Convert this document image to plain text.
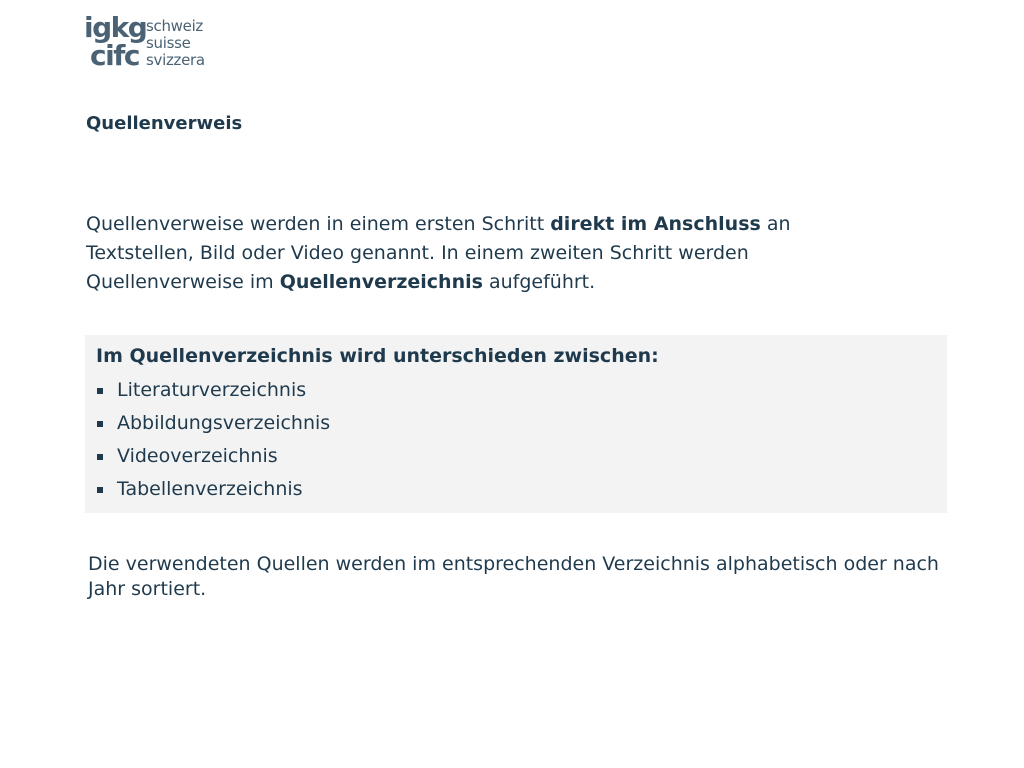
igkg
cifc
schweiz
suisse
svizzera
Quellenverweis
Quellenverweise werden in einem ersten Schritt direkt im Anschluss an Textstellen, Bild oder Video genannt. In einem zweiten Schritt werden Quellenverweise im Quellenverzeichnis aufgeführt.
Im Quellenverzeichnis wird unterschieden zwischen:
Literaturverzeichnis
Abbildungsverzeichnis
Videoverzeichnis
Tabellenverzeichnis
Die verwendeten Quellen werden im entsprechenden Verzeichnis alphabetisch oder nach Jahr sortiert.
